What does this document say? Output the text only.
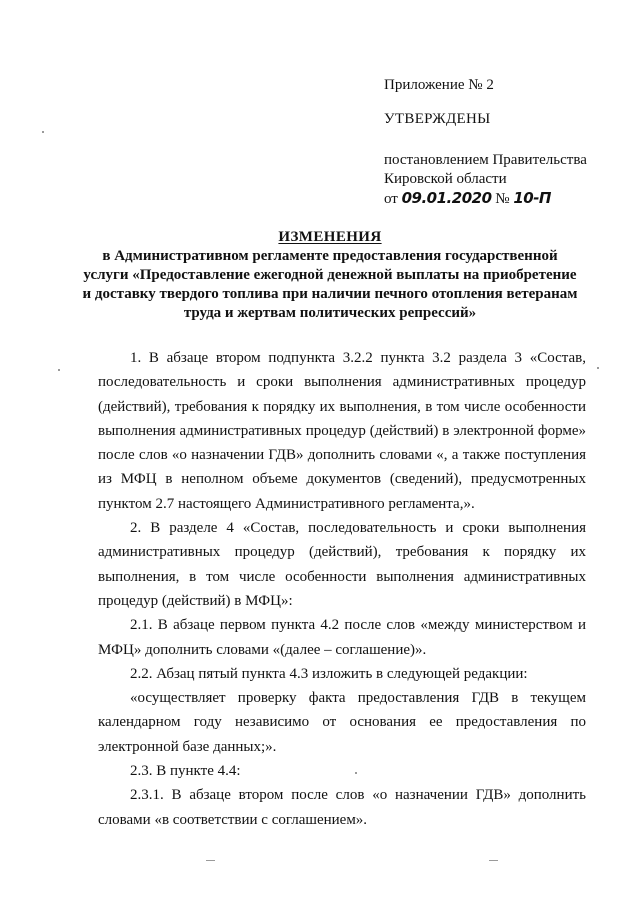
Приложение № 2
УТВЕРЖДЕНЫ
постановлением Правительства
Кировской области
от 09.01.2020 № 10-П
ИЗМЕНЕНИЯ
в Административном регламенте предоставления государственной
услуги «Предоставление ежегодной денежной выплаты на приобретение
и доставку твердого топлива при наличии печного отопления ветеранам
труда и жертвам политических репрессий»

1. В абзаце втором подпункта 3.2.2 пункта 3.2 раздела 3 «Состав, последовательность и сроки выполнения административных процедур (действий), требования к порядку их выполнения, в том числе особенности выполнения административных процедур (действий) в электронной форме» после слов «о назначении ГДВ» дополнить словами «, а также поступления из МФЦ в неполном объеме документов (сведений), предусмотренных пунктом 2.7 настоящего Административного регламента,».

2. В разделе 4 «Состав, последовательность и сроки выполнения административных процедур (действий), требования к порядку их выполнения, в том числе особенности выполнения административных процедур (действий) в МФЦ»:

2.1. В абзаце первом пункта 4.2 после слов «между министерством и МФЦ» дополнить словами «(далее – соглашение)».

2.2. Абзац пятый пункта 4.3 изложить в следующей редакции:

«осуществляет проверку факта предоставления ГДВ в текущем календарном году независимо от основания ее предоставления по электронной базе данных;».

2.3. В пункте 4.4:

2.3.1. В абзаце втором после слов «о назначении ГДВ» дополнить словами «в соответствии с соглашением».
